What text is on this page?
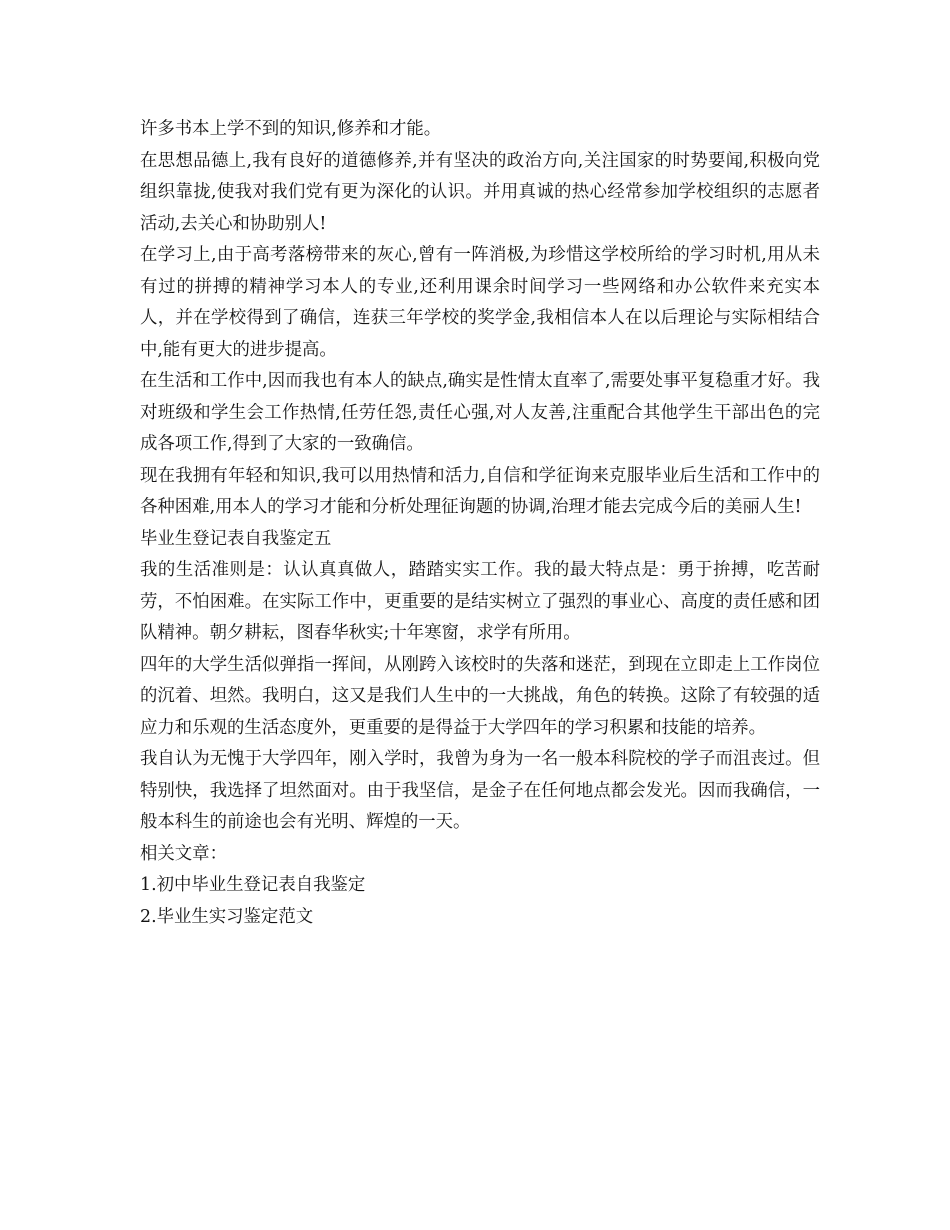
许多书本上学不到的知识,修养和才能。

在思想品德上,我有良好的道德修养,并有坚决的政治方向,关注国家的时势要闻,积极向党组织靠拢,使我对我们党有更为深化的认识。并用真诚的热心经常参加学校组织的志愿者活动,去关心和协助别人!

在学习上,由于高考落榜带来的灰心,曾有一阵消极,为珍惜这学校所给的学习时机,用从未有过的拼搏的精神学习本人的专业,还利用课余时间学习一些网络和办公软件来充实本人，并在学校得到了确信，连获三年学校的奖学金,我相信本人在以后理论与实际相结合中,能有更大的进步提高。

在生活和工作中,因而我也有本人的缺点,确实是性情太直率了,需要处事平复稳重才好。我对班级和学生会工作热情,任劳任怨,责任心强,对人友善,注重配合其他学生干部出色的完成各项工作,得到了大家的一致确信。

现在我拥有年轻和知识,我可以用热情和活力,自信和学征询来克服毕业后生活和工作中的各种困难,用本人的学习才能和分析处理征询题的协调,治理才能去完成今后的美丽人生!

毕业生登记表自我鉴定五

我的生活准则是：认认真真做人，踏踏实实工作。我的最大特点是：勇于拚搏，吃苦耐劳，不怕困难。在实际工作中，更重要的是结实树立了强烈的事业心、高度的责任感和团队精神。朝夕耕耘，图春华秋实;十年寒窗，求学有所用。

四年的大学生活似弹指一挥间，从刚跨入该校时的失落和迷茫，到现在立即走上工作岗位的沉着、坦然。我明白，这又是我们人生中的一大挑战，角色的转换。这除了有较强的适应力和乐观的生活态度外，更重要的是得益于大学四年的学习积累和技能的培养。

我自认为无愧于大学四年，刚入学时，我曾为身为一名一般本科院校的学子而沮丧过。但特别快，我选择了坦然面对。由于我坚信，是金子在任何地点都会发光。因而我确信，一般本科生的前途也会有光明、辉煌的一天。

相关文章：

1.初中毕业生登记表自我鉴定

2.毕业生实习鉴定范文
